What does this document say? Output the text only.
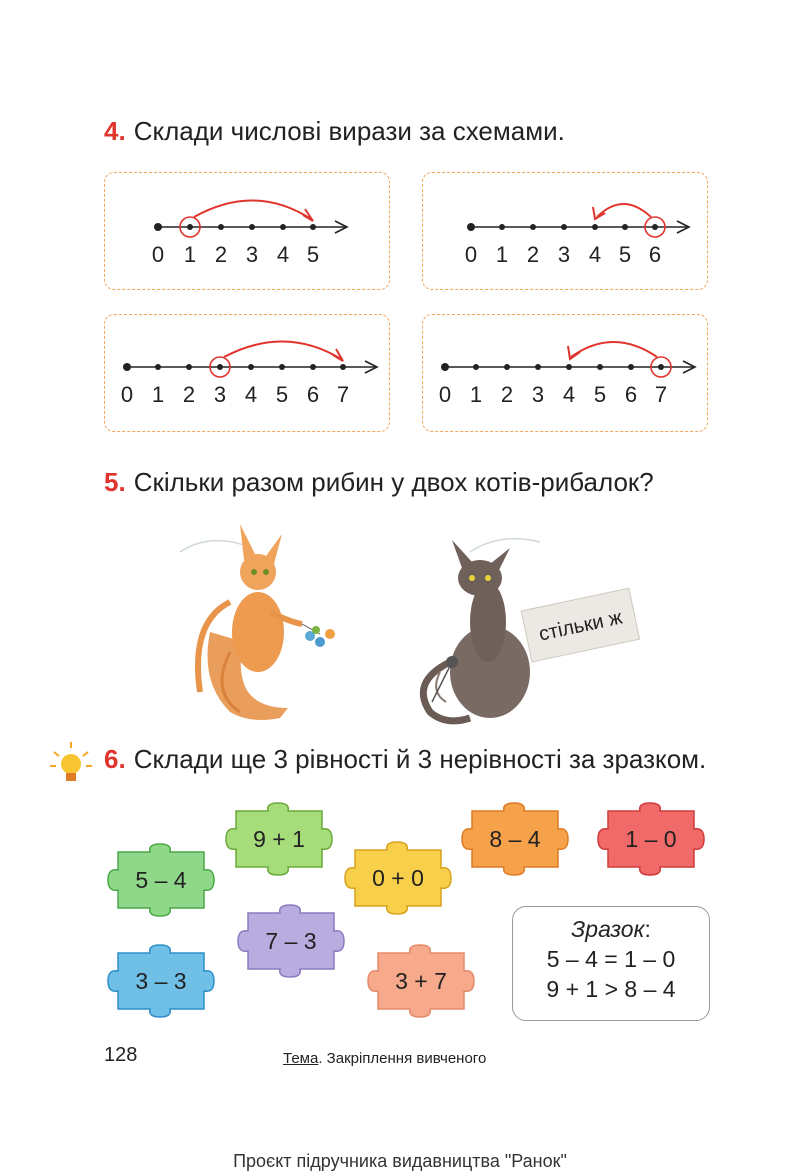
4. Склади числові вирази за схемами.
0 1 2 3 4 5	0 1 2 3 4 5 6
0 1 2 3 4 5 6 7	0 1 2 3 4 5 6 7
5. Скільки разом рибин у двох котів-рибалок?
стільки ж
6. Склади ще 3 рівності й 3 нерівності за зразком.
5 – 4
9 + 1
0 + 0
8 – 4	1 – 0
7 – 3
3 – 3	3 + 7
Зразок:
5 – 4 = 1 – 0
9 + 1 > 8 – 4
128	Тема. Закріплення вивченого
Проєкт підручника видавництва "Ранок"
